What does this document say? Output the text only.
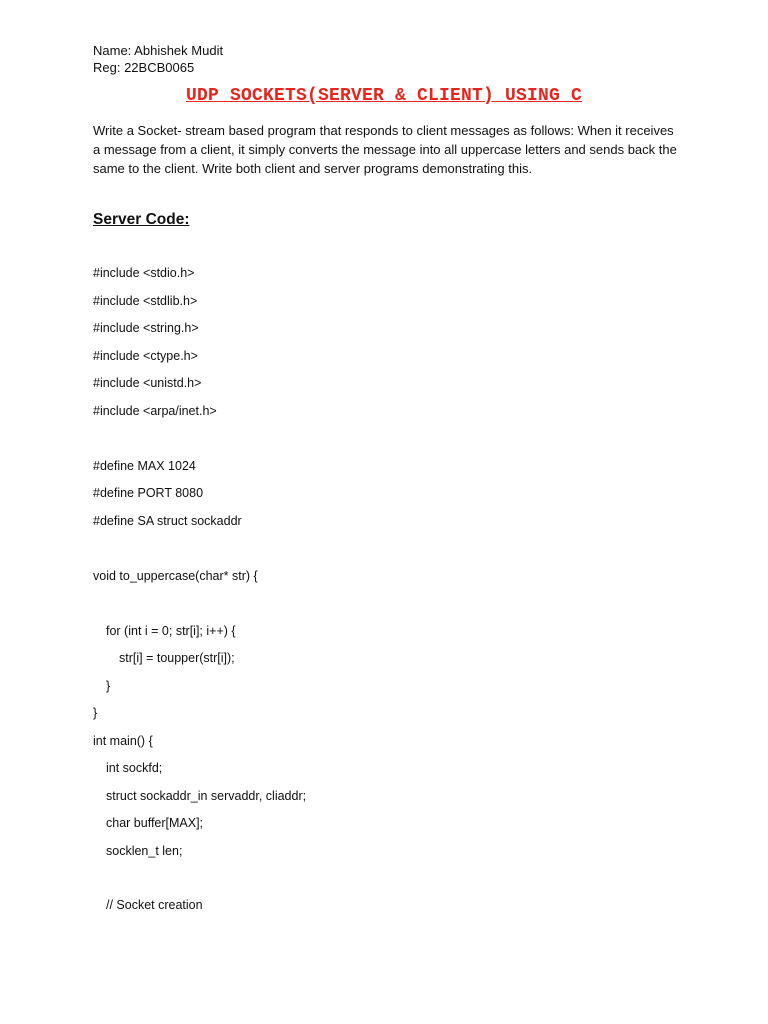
Name: Abhishek Mudit
Reg: 22BCB0065
UDP SOCKETS(SERVER & CLIENT) USING C
Write a Socket- stream based program that responds to client messages as follows: When it receives a message from a client, it simply converts the message into all uppercase letters and sends back the same to the client. Write both client and server programs demonstrating this.
Server Code:
#include <stdio.h>
#include <stdlib.h>
#include <string.h>
#include <ctype.h>
#include <unistd.h>
#include <arpa/inet.h>
#define MAX 1024
#define PORT 8080
#define SA struct sockaddr
void to_uppercase(char* str) {
for (int i = 0; str[i]; i++) {
str[i] = toupper(str[i]);
}
}
int main() {
int sockfd;
struct sockaddr_in servaddr, cliaddr;
char buffer[MAX];
socklen_t len;
// Socket creation
